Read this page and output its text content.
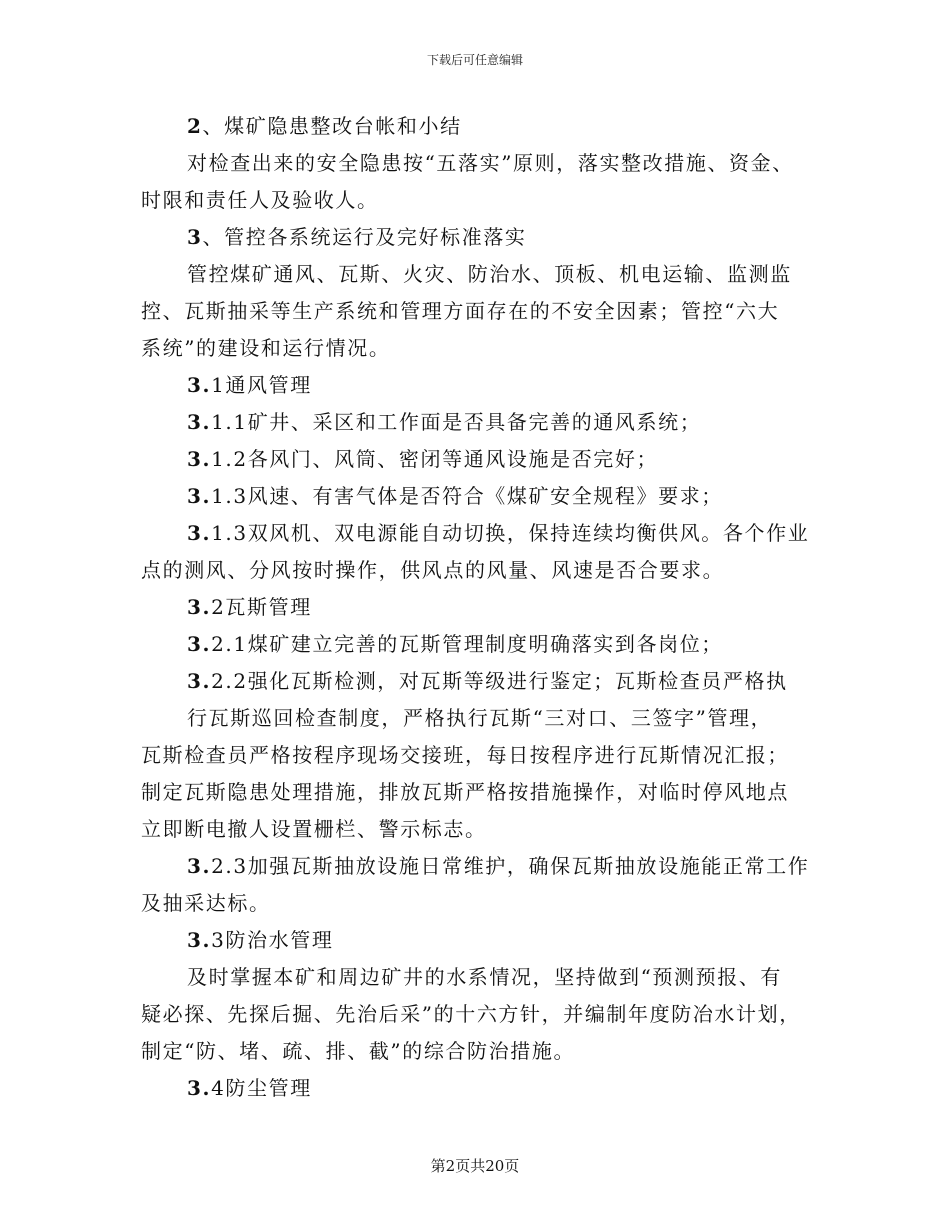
下载后可任意编辑

2、煤矿隐患整改台帐和小结

对检查出来的安全隐患按“五落实”原则，落实整改措施、资金、

时限和责任人及验收人。

3、管控各系统运行及完好标准落实

管控煤矿通风、瓦斯、火灾、防治水、顶板、机电运输、监测监

控、瓦斯抽采等生产系统和管理方面存在的不安全因素；管控“六大

系统”的建设和运行情况。

3.1通风管理

3.1.1矿井、采区和工作面是否具备完善的通风系统；

3.1.2各风门、风筒、密闭等通风设施是否完好；

3.1.3风速、有害气体是否符合《煤矿安全规程》要求；

3.1.3双风机、双电源能自动切换，保持连续均衡供风。各个作业

点的测风、分风按时操作，供风点的风量、风速是否合要求。

3.2瓦斯管理

3.2.1煤矿建立完善的瓦斯管理制度明确落实到各岗位；

3.2.2强化瓦斯检测，对瓦斯等级进行鉴定；瓦斯检查员严格执

行瓦斯巡回检查制度，严格执行瓦斯“三对口、三签字”管理，

瓦斯检查员严格按程序现场交接班，每日按程序进行瓦斯情况汇报；

制定瓦斯隐患处理措施，排放瓦斯严格按措施操作，对临时停风地点

立即断电撤人设置栅栏、警示标志。

3.2.3加强瓦斯抽放设施日常维护，确保瓦斯抽放设施能正常工作

及抽采达标。

3.3防治水管理

及时掌握本矿和周边矿井的水系情况，坚持做到“预测预报、有

疑必探、先探后掘、先治后采”的十六方针，并编制年度防冶水计划，

制定“防、堵、疏、排、截”的综合防治措施。

3.4防尘管理

第2页共20页
